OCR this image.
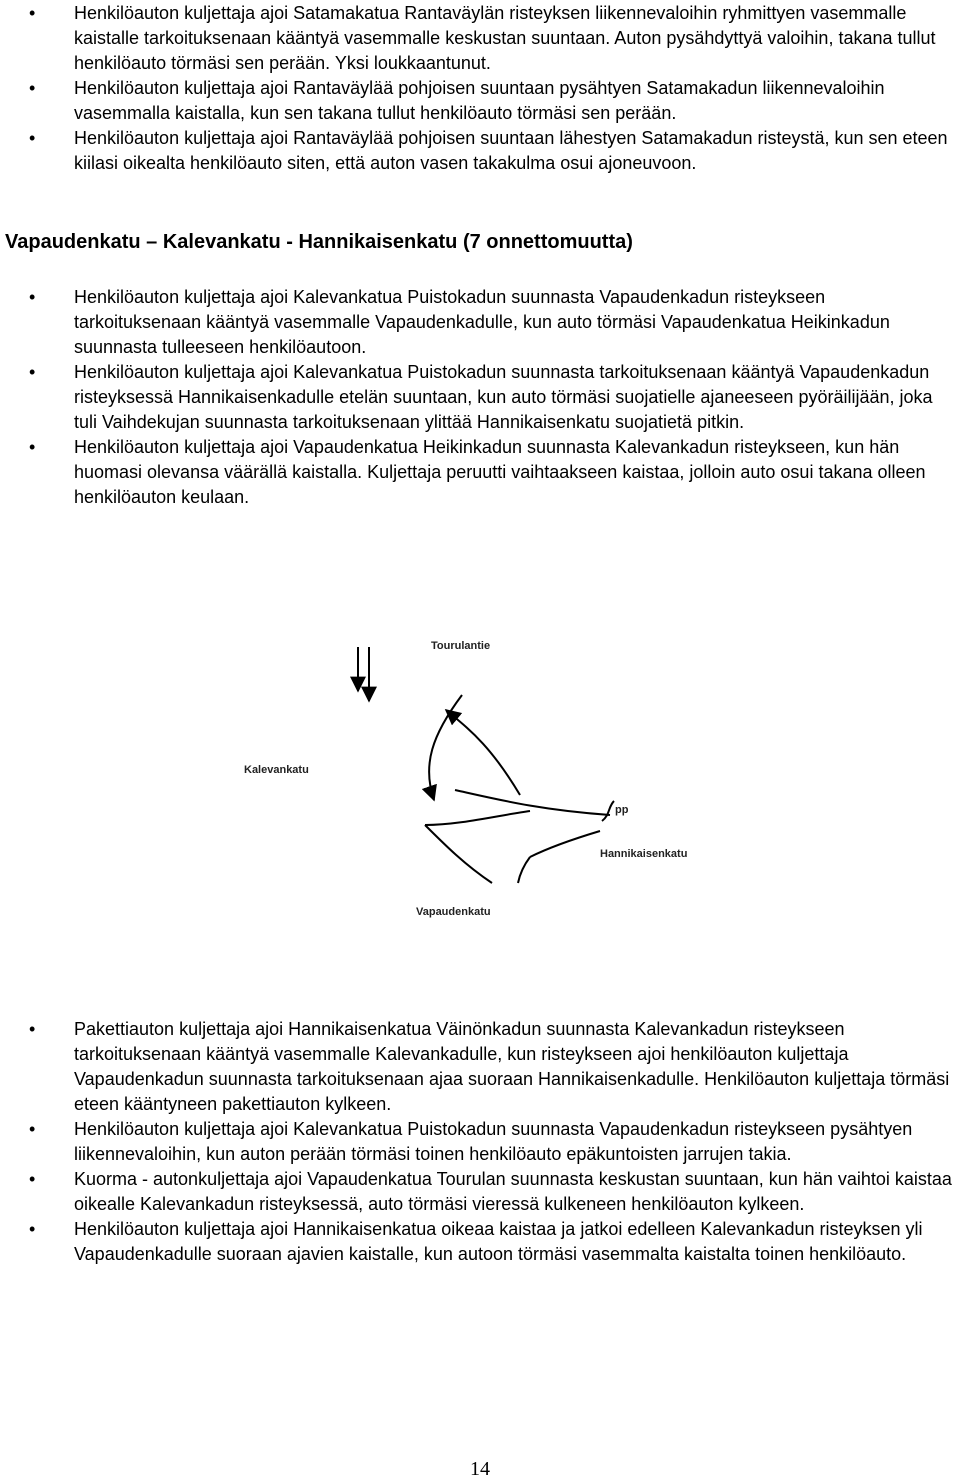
• Henkilöauton kuljettaja ajoi Satamakatua Rantaväylän risteyksen liikennevaloihin ryhmittyen vasemmalle kaistalle tarkoituksenaan kääntyä vasemmalle keskustan suuntaan. Auton pysähdyttyä valoihin, takana tullut henkilöauto törmäsi sen perään. Yksi loukkaantunut.
• Henkilöauton kuljettaja ajoi Rantaväylää pohjoisen suuntaan pysähtyen Satamakadun liikennevaloihin vasemmalla kaistalla, kun sen takana tullut henkilöauto törmäsi sen perään.
• Henkilöauton kuljettaja ajoi Rantaväylää pohjoisen suuntaan lähestyen Satamakadun risteystä, kun sen eteen kiilasi oikealta henkilöauto siten, että auton vasen takakulma osui ajoneuvoon.
Vapaudenkatu – Kalevankatu - Hannikaisenkatu (7 onnettomuutta)
• Henkilöauton kuljettaja ajoi Kalevankatua Puistokadun suunnasta Vapaudenkadun risteykseen tarkoituksenaan kääntyä vasemmalle Vapaudenkadulle, kun auto törmäsi Vapaudenkatua Heikinkadun suunnasta tulleeseen henkilöautoon.
• Henkilöauton kuljettaja ajoi Kalevankatua Puistokadun suunnasta tarkoituksenaan kääntyä Vapaudenkadun risteyksessä Hannikaisenkadulle etelän suuntaan, kun auto törmäsi suojatielle ajaneeseen pyöräilijään, joka tuli Vaihdekujan suunnasta tarkoituksenaan ylittää Hannikaisenkatu suojatietä pitkin.
• Henkilöauton kuljettaja ajoi Vapaudenkatua Heikinkadun suunnasta Kalevankadun risteykseen, kun hän huomasi olevansa väärällä kaistalla. Kuljettaja peruutti vaihtaakseen kaistaa, jolloin auto osui takana olleen henkilöauton keulaan.
Tourulantie
Kalevankatu
pp
Hannikaisenkatu
Vapaudenkatu
• Pakettiauton kuljettaja ajoi Hannikaisenkatua Väinönkadun suunnasta Kalevankadun risteykseen tarkoituksenaan kääntyä vasemmalle Kalevankadulle, kun risteykseen ajoi henkilöauton kuljettaja Vapaudenkadun suunnasta tarkoituksenaan ajaa suoraan Hannikaisenkadulle. Henkilöauton kuljettaja törmäsi eteen kääntyneen pakettiauton kylkeen.
• Henkilöauton kuljettaja ajoi Kalevankatua Puistokadun suunnasta Vapaudenkadun risteykseen pysähtyen liikennevaloihin, kun auton perään törmäsi toinen henkilöauto epäkuntoisten jarrujen takia.
• Kuorma - autonkuljettaja ajoi Vapaudenkatua Tourulan suunnasta keskustan suuntaan, kun hän vaihtoi kaistaa oikealle Kalevankadun risteyksessä, auto törmäsi vieressä kulkeneen henkilöauton kylkeen.
• Henkilöauton kuljettaja ajoi Hannikaisenkatua oikeaa kaistaa ja jatkoi edelleen Kalevankadun risteyksen yli Vapaudenkadulle suoraan ajavien kaistalle, kun autoon törmäsi vasemmalta kaistalta toinen henkilöauto.
14
